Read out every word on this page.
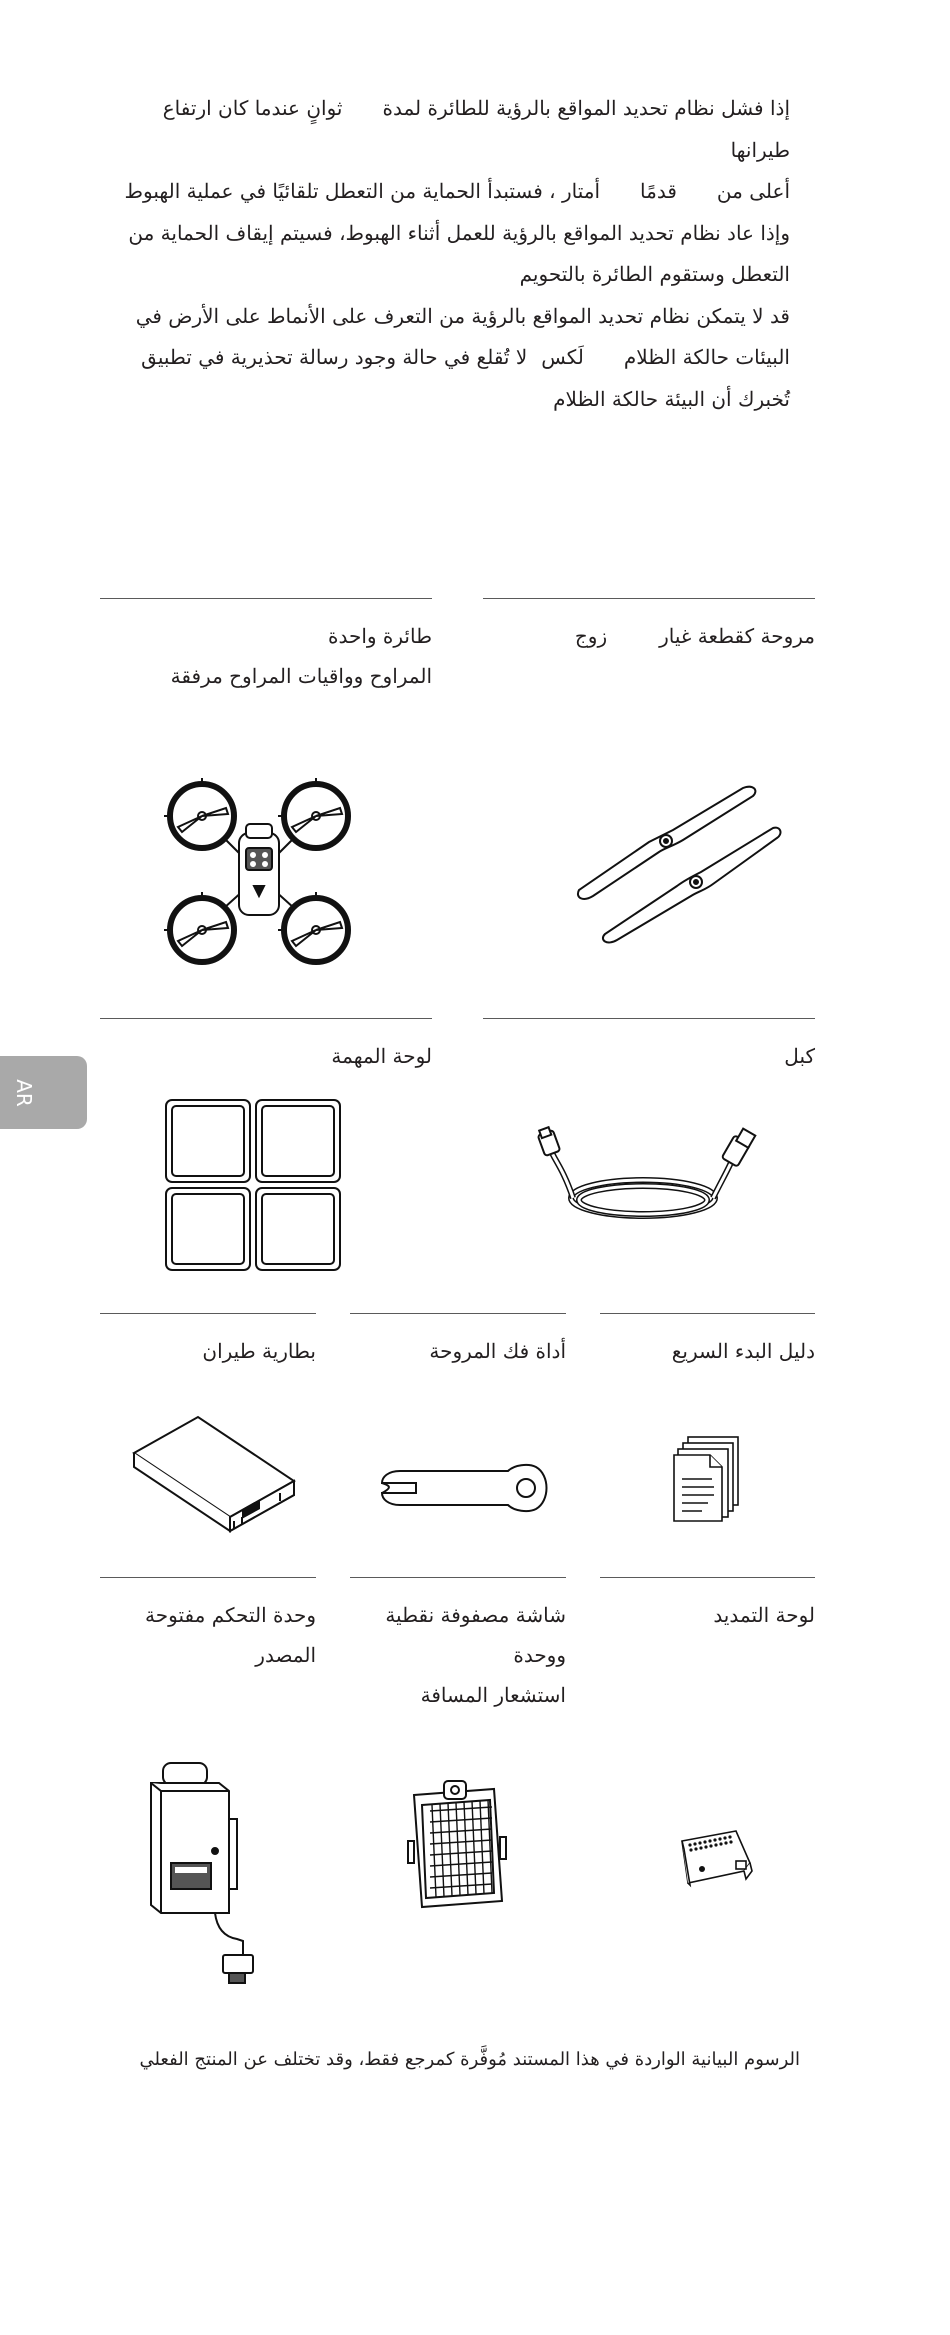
إذا فشل نظام تحديد المواقع بالرؤية للطائرة لمدةثوانٍ عندما كان ارتفاع طيرانها
أعلى منقدمًاأمتار ، فستبدأ الحماية من التعطل تلقائيًا في عملية الهبوط

وإذا عاد نظام تحديد المواقع بالرؤية للعمل أثناء الهبوط، فسيتم إيقاف الحماية من التعطل وستقوم الطائرة بالتحويم

قد لا يتمكن نظام تحديد المواقع بالرؤية من التعرف على الأنماط على الأرض في البيئات حالكة الظلاملَكسلا تُقلع في حالة وجود رسالة تحذيرية في تطبيقتُخبرك أن البيئة حالكة الظلام

طائرة واحدة
المراوح وواقيات المراوح مرفقة
مروحة كقطعة غيارزوج
لوحة المهمة	كبل
بطارية طيران	أداة فك المروحة	دليل البدء السريع
وحدة التحكم مفتوحة
المصدر
شاشة مصفوفة نقطية ووحدة
استشعار المسافة
لوحة التمديد
AR
الرسوم البيانية الواردة في هذا المستند مُوفَّرة كمرجع فقط، وقد تختلف عن المنتج الفعلي
